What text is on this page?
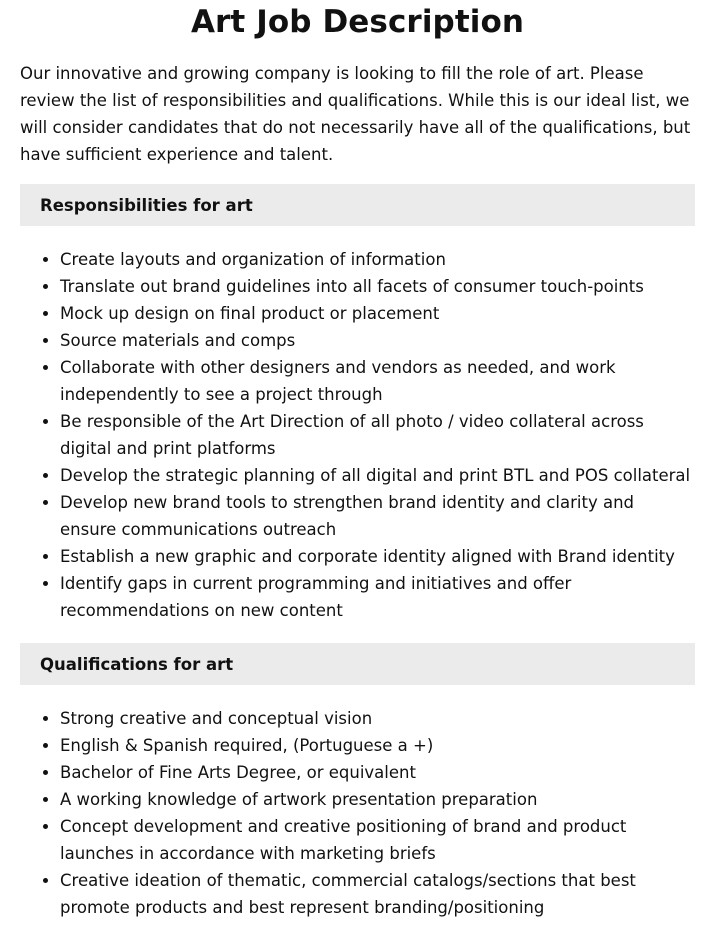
Art Job Description

Our innovative and growing company is looking to fill the role of art. Please review the list of responsibilities and qualifications. While this is our ideal list, we will consider candidates that do not necessarily have all of the qualifications, but have sufficient experience and talent.

Responsibilities for art
• Create layouts and organization of information
• Translate out brand guidelines into all facets of consumer touch-points
• Mock up design on final product or placement
• Source materials and comps
• Collaborate with other designers and vendors as needed, and work independently to see a project through
• Be responsible of the Art Direction of all photo / video collateral across digital and print platforms
• Develop the strategic planning of all digital and print BTL and POS collateral
• Develop new brand tools to strengthen brand identity and clarity and ensure communications outreach
• Establish a new graphic and corporate identity aligned with Brand identity
• Identify gaps in current programming and initiatives and offer recommendations on new content
Qualifications for art
• Strong creative and conceptual vision
• English & Spanish required, (Portuguese a +)
• Bachelor of Fine Arts Degree, or equivalent
• A working knowledge of artwork presentation preparation
• Concept development and creative positioning of brand and product launches in accordance with marketing briefs
• Creative ideation of thematic, commercial catalogs/sections that best promote products and best represent branding/positioning
